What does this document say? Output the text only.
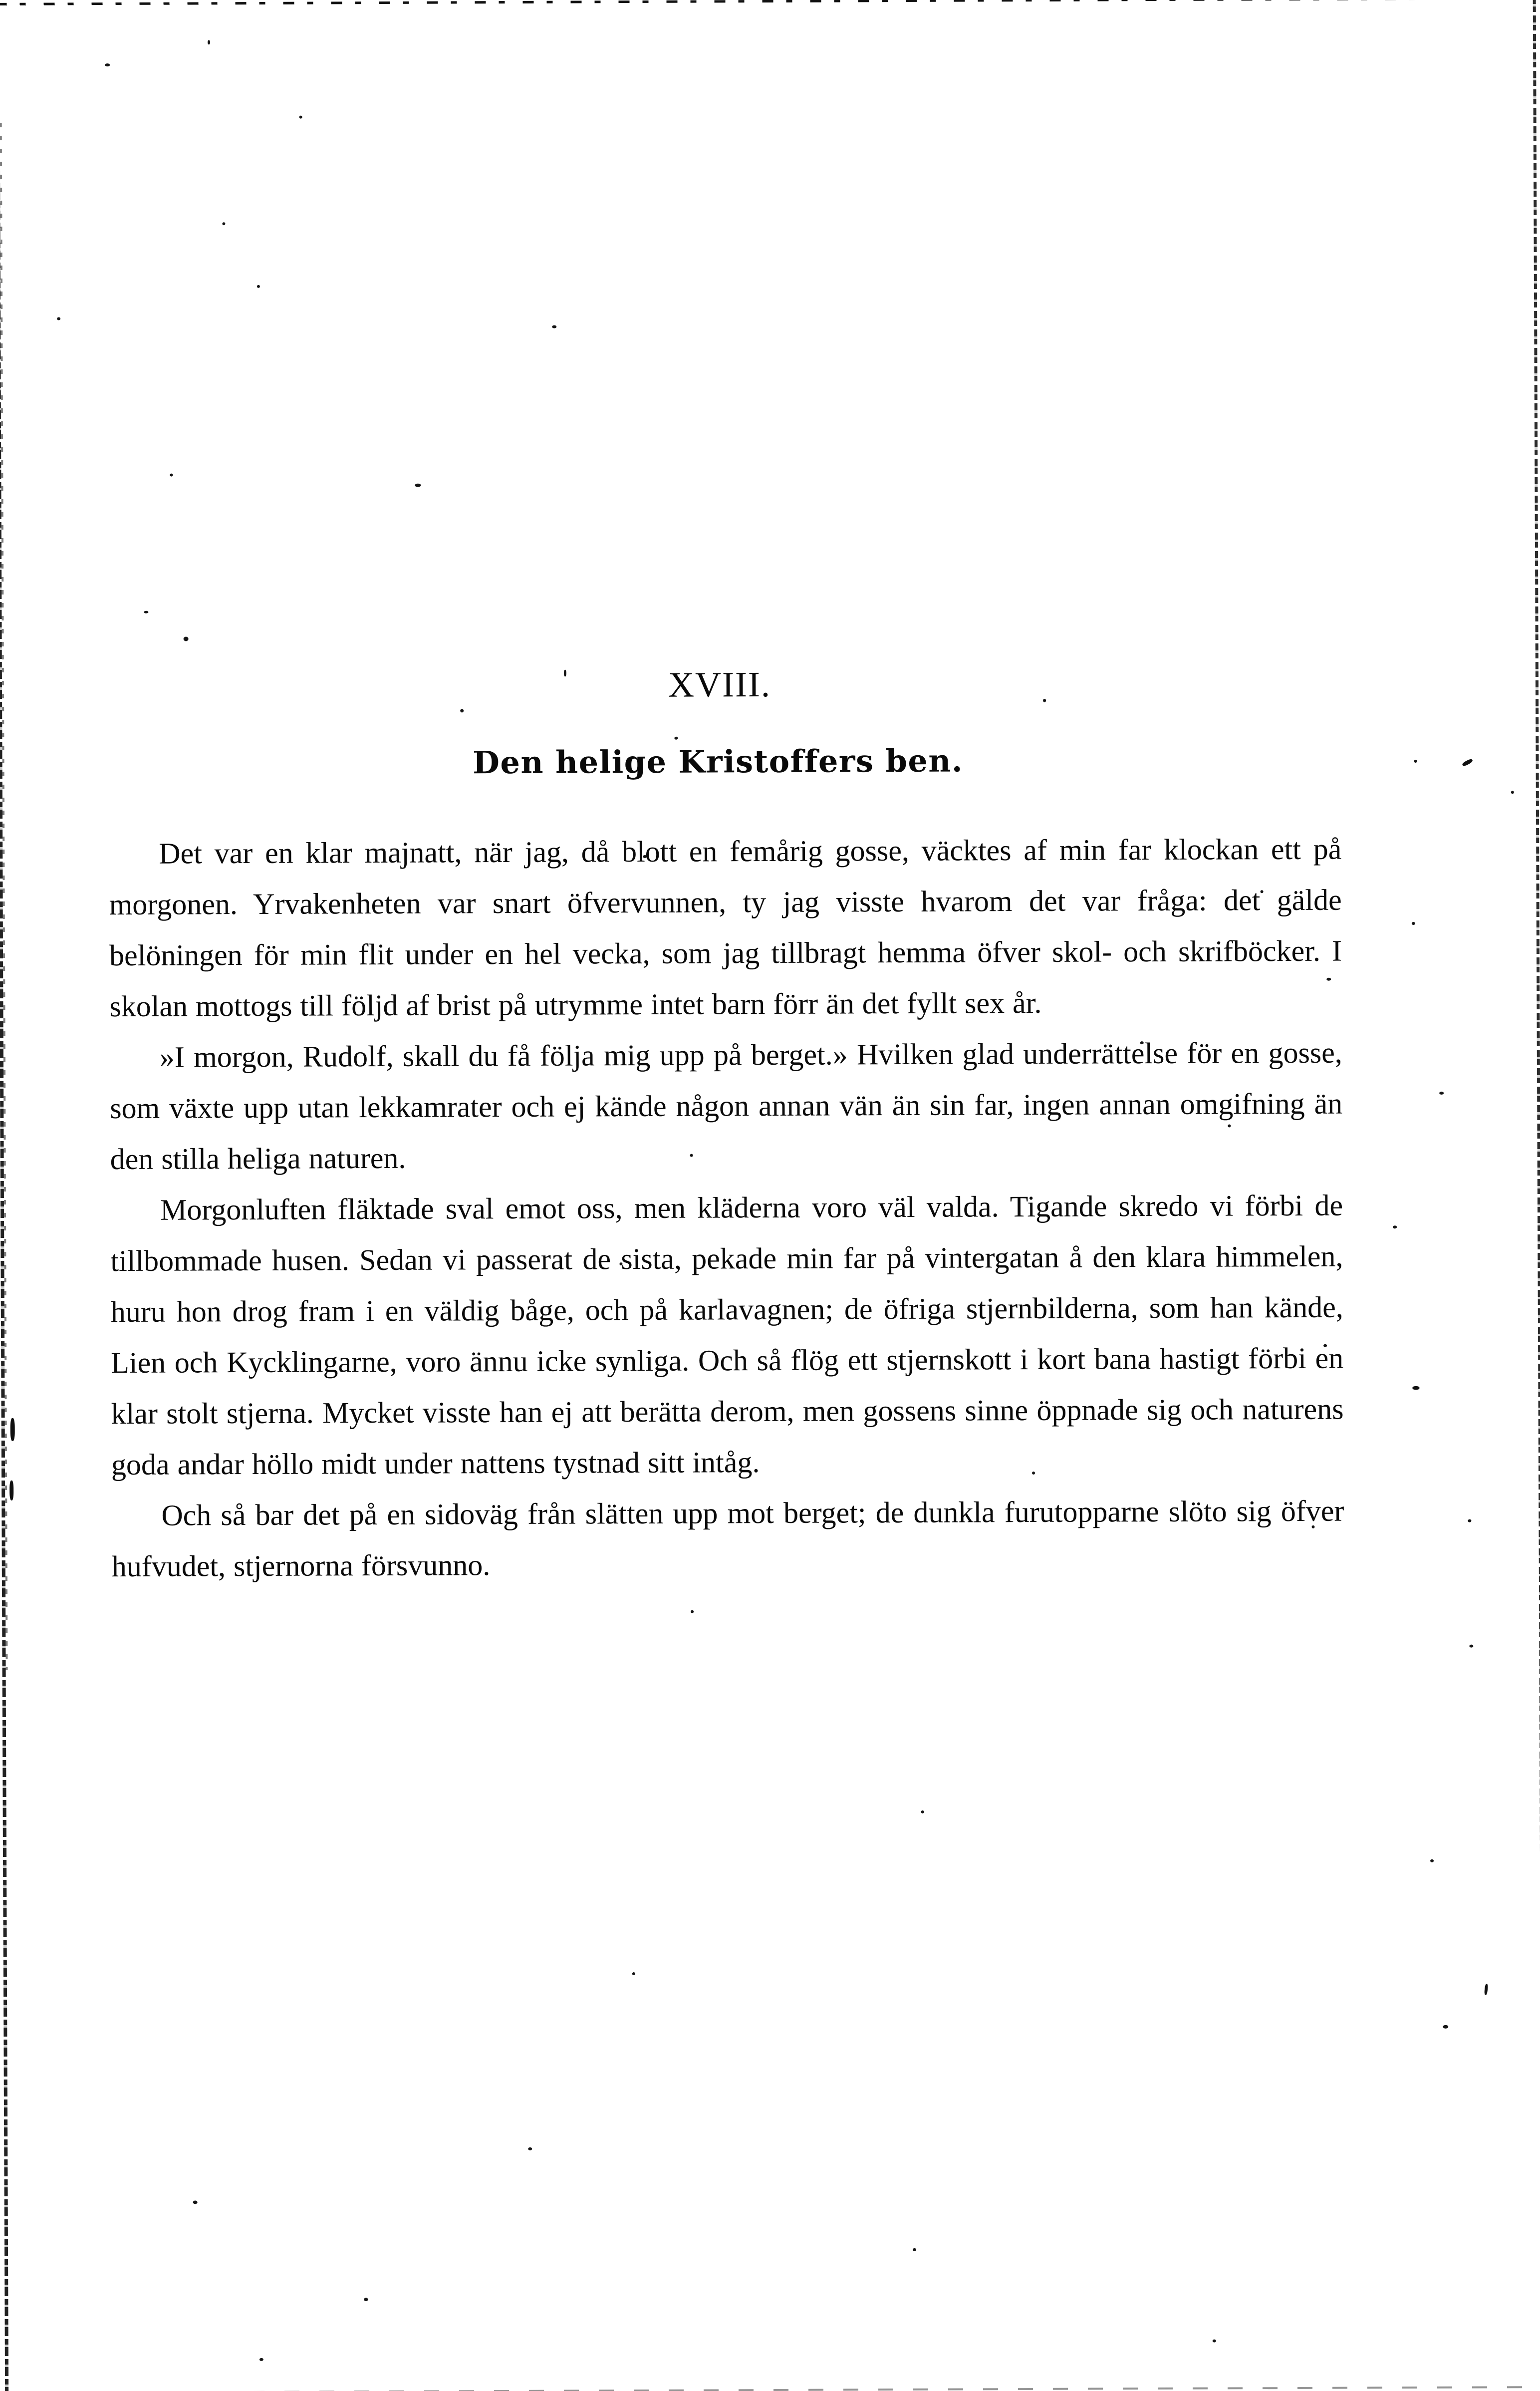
XVIII.
Den helige Kristoffers ben.

Det var en klar majnatt, när jag, då blott en femårig gosse, väcktes af min far klockan ett på morgonen. Yrvakenheten var snart öfvervunnen, ty jag visste hvarom det var fråga: det gälde belöningen för min flit under en hel vecka, som jag tillbragt hemma öfver skol- och skrifböcker. I skolan mottogs till följd af brist på utrymme intet barn förr än det fyllt sex år.

»I morgon, Rudolf, skall du få följa mig upp på berget.» Hvilken glad underrättelse för en gosse, som växte upp utan lekkamrater och ej kände någon annan vän än sin far, ingen annan omgifning än den stilla heliga naturen.

Morgonluften fläktade sval emot oss, men kläderna voro väl valda. Tigande skredo vi förbi de tillbommade husen. Sedan vi passerat de sista, pekade min far på vintergatan å den klara himmelen, huru hon drog fram i en väldig båge, och på karlavagnen; de öfriga stjernbilderna, som han kände, Lien och Kycklingarne, voro ännu icke synliga. Och så flög ett stjernskott i kort bana hastigt förbi en klar stolt stjerna. Mycket visste han ej att berätta derom, men gossens sinne öppnade sig och naturens goda andar höllo midt under nattens tystnad sitt intåg.

Och så bar det på en sidoväg från slätten upp mot berget; de dunkla furutopparne slöto sig öfver hufvudet, stjernorna försvunno.
